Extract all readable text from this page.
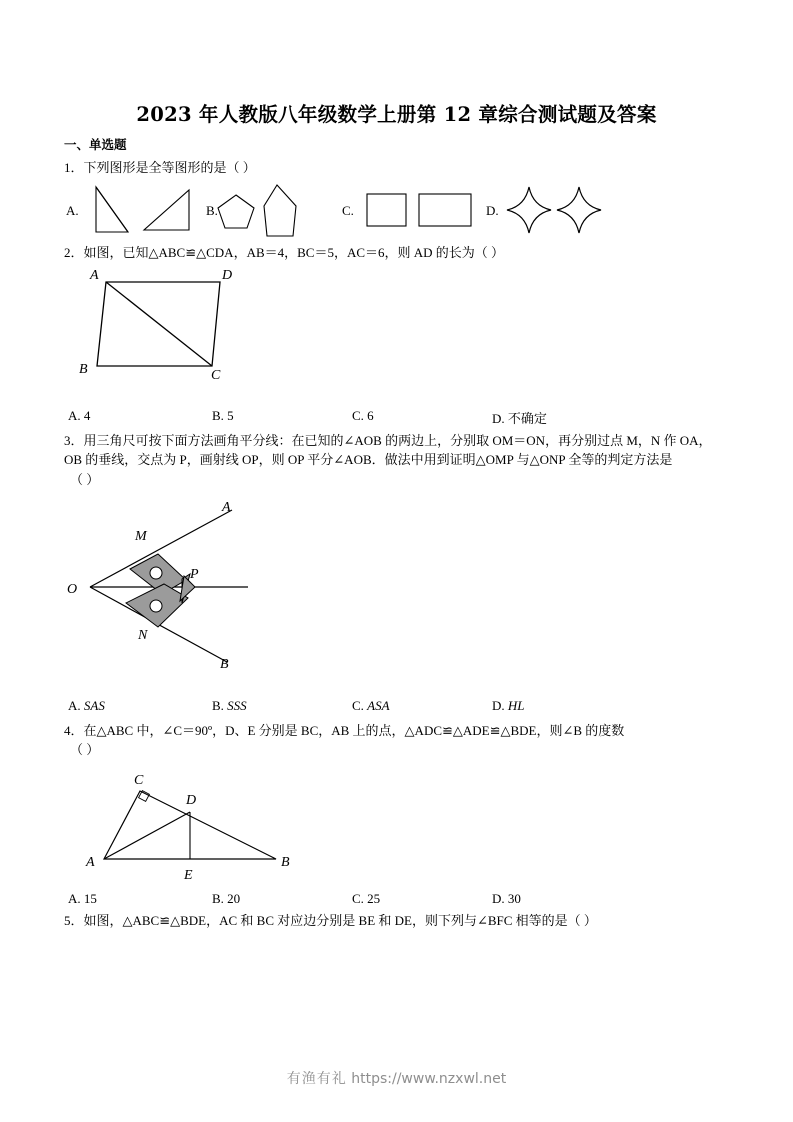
2023 年人教版八年级数学上册第 12 章综合测试题及答案
一、单选题
1．下列图形是全等图形的是（ ）
A.	B.	C.	D.
2．如图，已知△ABC≌△CDA，AB＝4，BC＝5，AC＝6，则 AD 的长为（ ）
A	D
B	C
A. 4	B. 5	C. 6	D. 不确定
3．用三角尺可按下面方法画角平分线：在已知的∠AOB 的两边上，分别取 OM＝ON，再分别过点 M，N 作 OA，
OB 的垂线，交点为 P，画射线 OP，则 OP 平分∠AOB．做法中用到证明△OMP 与△ONP 全等的判定方法是
（ ）
A
M
O
P
N
B
A. SAS	B. SSS	C. ASA	D. HL
4．在△ABC 中，∠C＝90º，D、E 分别是 BC，AB 上的点，△ADC≌△ADE≌△BDE，则∠B 的度数
（ ）
C
D
A
E
B
A. 15	B. 20	C. 25	D. 30
5．如图，△ABC≌△BDE，AC 和 BC 对应边分别是 BE 和 DE，则下列与∠BFC 相等的是（ ）
有渔有礼 https://www.nzxwl.net
